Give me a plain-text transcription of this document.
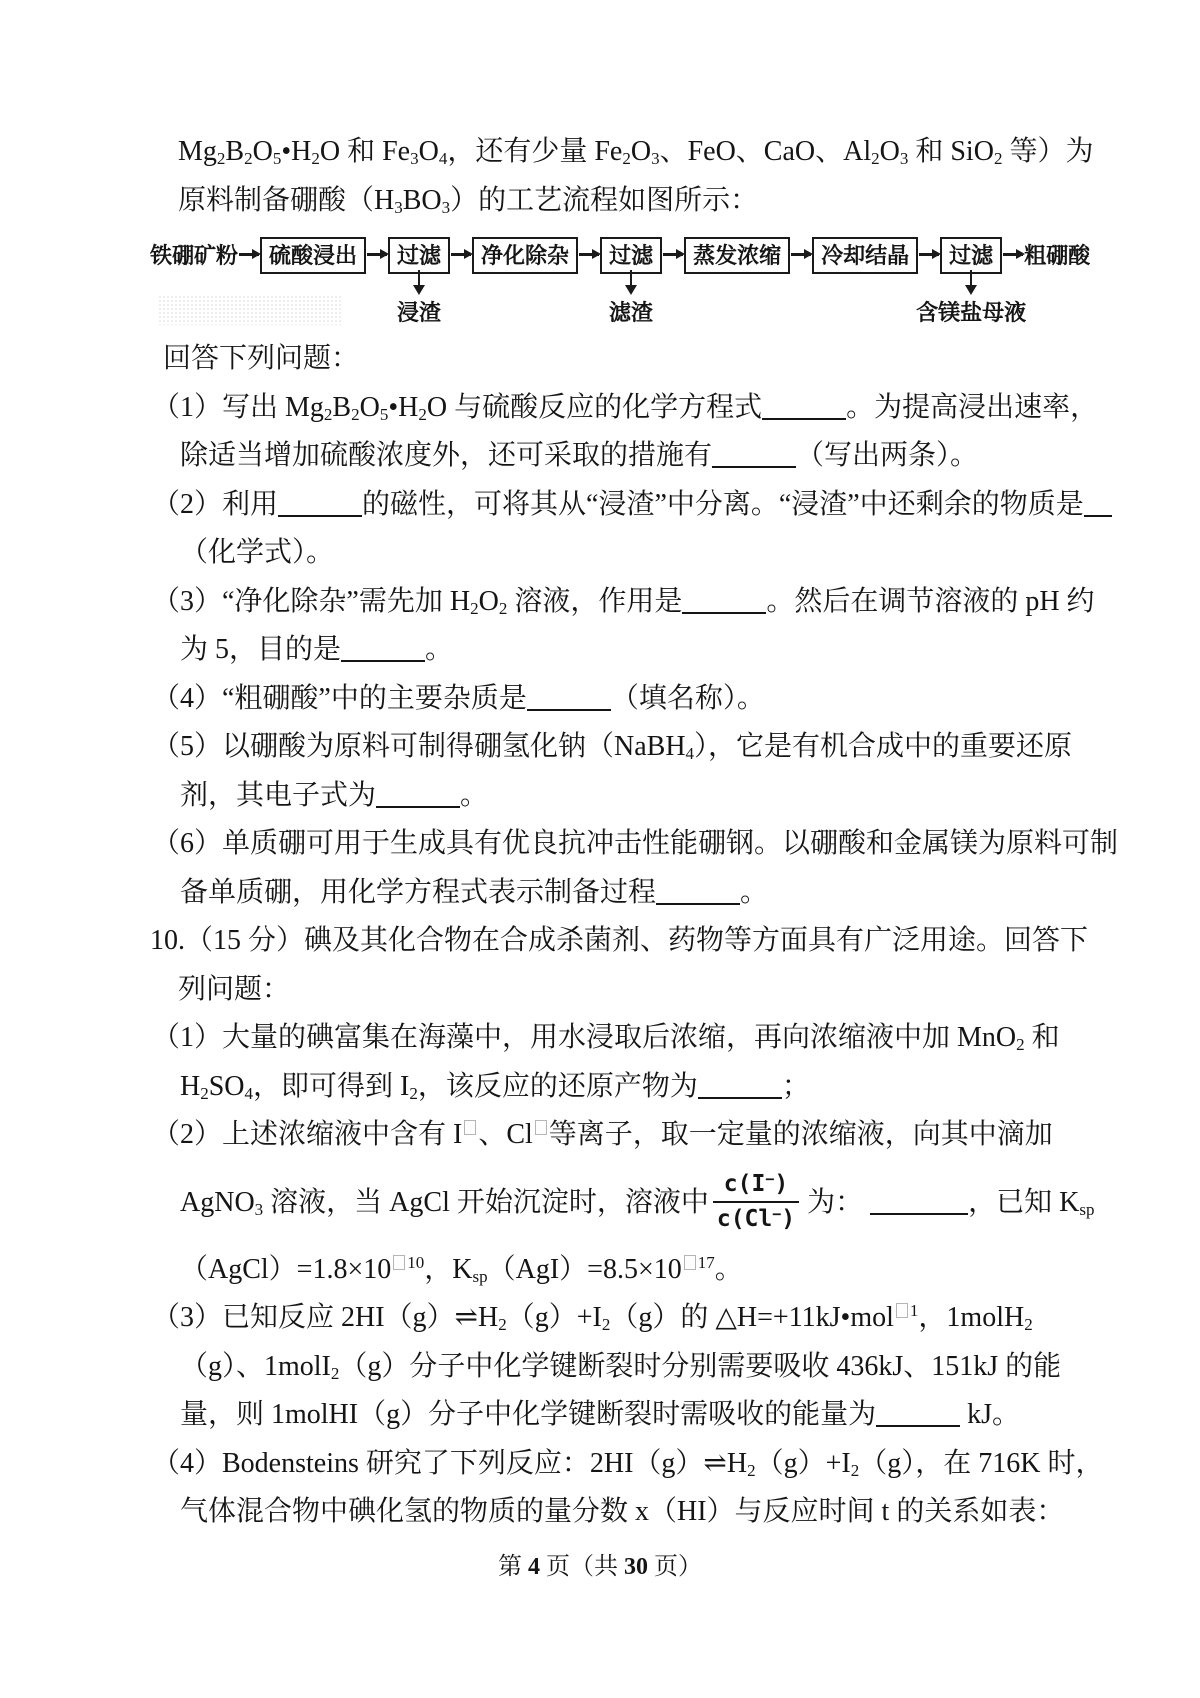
$Mg_2B_2O_5•H_2O$ 和 $Fe_3O_4$，还有少量 $Fe_2O_3$、FeO、CaO、$Al_2O_3$ 和 SiO$_2$ 等）为
原料制备硼酸$(H_3BO_3)$的工艺流程如图所示：
铁硼矿粉	硫酸浸出	过滤
浸渣
净化除杂	过滤
滤渣
蒸发浓缩	冷却结晶	过滤
含镁盐母液
粗硼酸
回答下列问题：
（1）写出 $Mg_2B_2O_5•H_2O$ 与硫酸反应的化学方程式	。为提高浸出速率，
除适当增加硫酸浓度外，还可采取的措施有	（写出两条）。
（2）利用	的磁性，可将其从“浸渣”中分离。“浸渣”中还剩余的物质是
（化学式）。
（3）“净化除杂”需先加 $H_2O_2$ 溶液，作用是	。然后在调节溶液的 pH 约
为 5，目的是	。
（4）“粗硼酸”中的主要杂质是	（填名称）。
（5）以硼酸为原料可制得硼氢化钠（NaBH$_4$），它是有机合成中的重要还原
剂，其电子式为	。
（6）单质硼可用于生成具有优良抗冲击性能硼钢。以硼酸和金属镁为原料可制
备单质硼，用化学方程式表示制备过程	。
10.（15 分）碘及其化合物在合成杀菌剂、药物等方面具有广泛用途。回答下
列问题：
（1）大量的碘富集在海藻中，用水浸取后浓缩，再向浓缩液中加 MnO$_2$ 和
$H_2SO_4$，即可得到 $I_2$，该反应的还原产物为	；
（2）上述浓缩液中含有 I 、Cl 等离子，取一定量的浓缩液，向其中滴加
AgNO$_3$ 溶液，当 AgCl 开始沉淀时，溶液中 $\frac{c(I^-)}{c(Cl^-)}$ 为：	，已知 $K_{sp}$
（AgCl）=1.8×10 $^{10}$，$K_{sp}(AgI)=8.5\times 10$ $^{17}$。
（3）已知反应 $2HI(g)\rightleftharpoons H_2(g)+I_2(g)$的 △H=+11kJ•mol $^1$，1molH$_2$
（g）、1molI$_2$（g）分子中化学键断裂时分别需要吸收 436kJ、151kJ 的能
量，则 1molHI（g）分子中化学键断裂时需吸收的能量为	kJ。
（4）Bodensteins 研究了下列反应：$2HI(g)\rightleftharpoons H_2(g)+I_2(g)$，在 716K 时，
气体混合物中碘化氢的物质的量分数 x（HI）与反应时间 t 的关系如表：
第 4 页（共 30 页）
